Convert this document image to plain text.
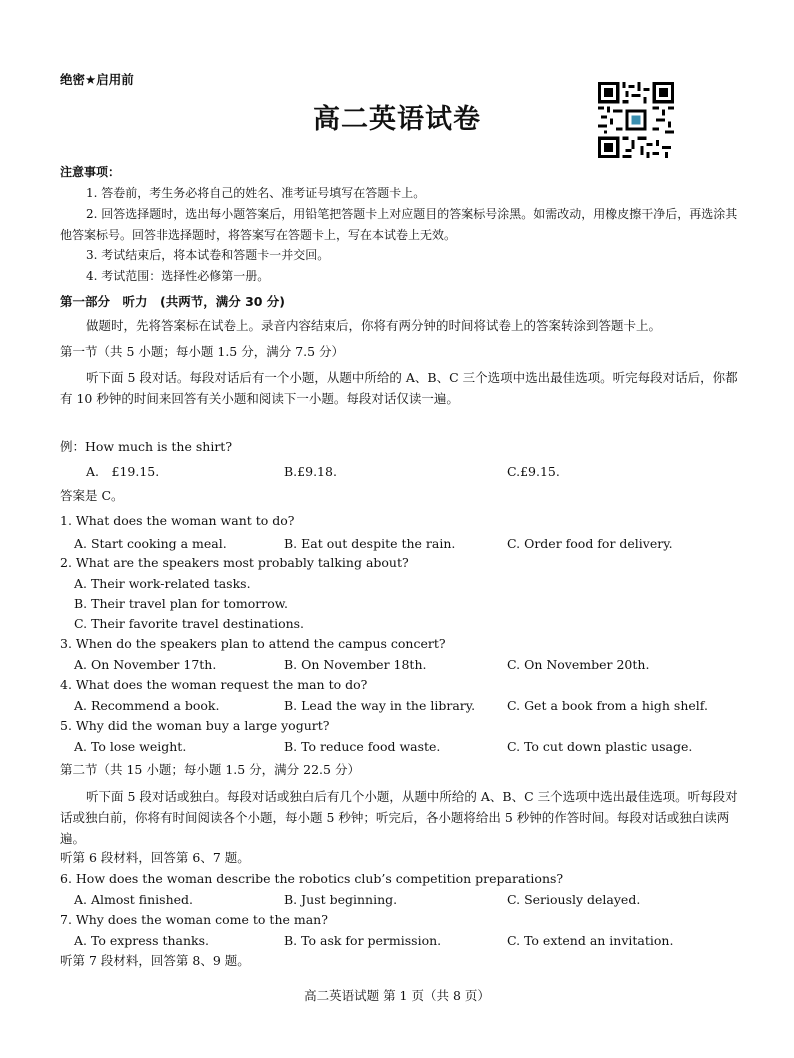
绝密★启用前
高二英语试卷
注意事项：
1. 答卷前，考生务必将自己的姓名、准考证号填写在答题卡上。
2. 回答选择题时，选出每小题答案后，用铅笔把答题卡上对应题目的答案标号涂黑。如需改动，用橡皮擦干净后，再选涂其他答案标号。回答非选择题时，将答案写在答题卡上，写在本试卷上无效。
3. 考试结束后，将本试卷和答题卡一并交回。
4. 考试范围：选择性必修第一册。
第一部分　听力　(共两节，满分 30 分)
做题时，先将答案标在试卷上。录音内容结束后，你将有两分钟的时间将试卷上的答案转涂到答题卡上。
第一节（共 5 小题；每小题 1.5 分，满分 7.5 分）
听下面 5 段对话。每段对话后有一个小题，从题中所给的 A、B、C 三个选项中选出最佳选项。听完每段对话后，你都有 10 秒钟的时间来回答有关小题和阅读下一小题。每段对话仅读一遍。
例：How much is the shirt?
A.　£19.15.	B.£9.18.	C.£9.15.
答案是 C。
1. What does the woman want to do?
A. Start cooking a meal.	B. Eat out despite the rain.	C. Order food for delivery.
2. What are the speakers most probably talking about?
A. Their work-related tasks.
B. Their travel plan for tomorrow.
C. Their favorite travel destinations.
3. When do the speakers plan to attend the campus concert?
A. On November 17th.	B. On November 18th.	C. On November 20th.
4. What does the woman request the man to do?
A. Recommend a book.	B. Lead the way in the library.	C. Get a book from a high shelf.
5. Why did the woman buy a large yogurt?
A. To lose weight.	B. To reduce food waste.	C. To cut down plastic usage.
第二节（共 15 小题；每小题 1.5 分，满分 22.5 分）
听下面 5 段对话或独白。每段对话或独白后有几个小题，从题中所给的 A、B、C 三个选项中选出最佳选项。听每段对话或独白前，你将有时间阅读各个小题，每小题 5 秒钟；听完后，各小题将给出 5 秒钟的作答时间。每段对话或独白读两遍。
听第 6 段材料，回答第 6、7 题。
6. How does the woman describe the robotics club’s competition preparations?
A. Almost finished.	B. Just beginning.	C. Seriously delayed.
7. Why does the woman come to the man?
A. To express thanks.	B. To ask for permission.	C. To extend an invitation.
听第 7 段材料，回答第 8、9 题。
高二英语试题 第 1 页（共 8 页）
